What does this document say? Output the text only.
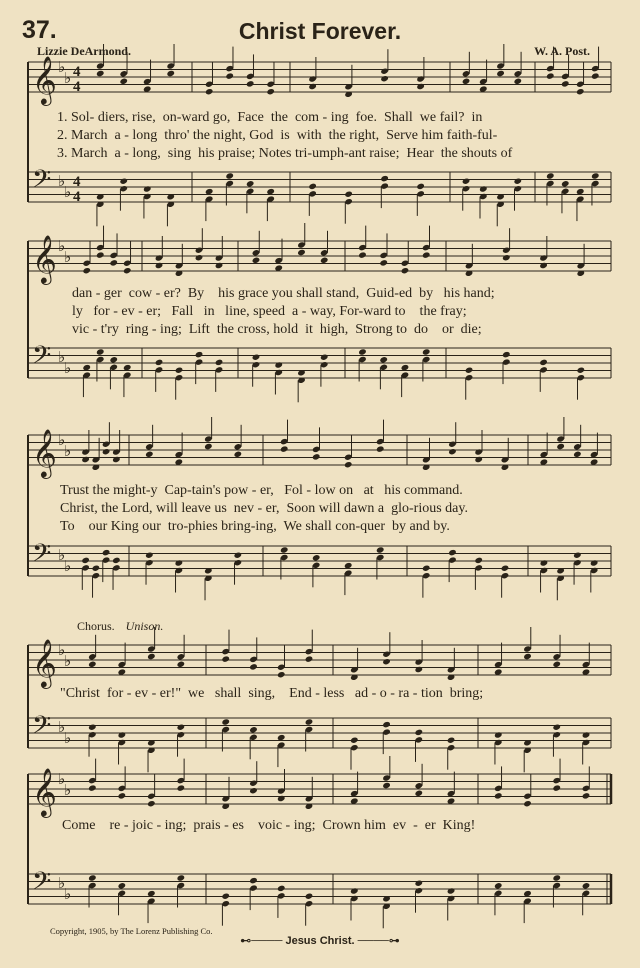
37.	Christ Forever.
Lizzie DeArmond.	W. A. Post.
𝄞 ♭
♭ 4
4
𝄢 ♭
♭
4
4
𝄞 ♭
♭
𝄢 ♭
♭
𝄞 ♭
♭
𝄢 ♭
♭
𝄞 ♭
♭
𝄢 ♭
♭
𝄞 ♭
♭
𝄢 ♭
♭
1. Sol- diers, rise,  on-ward go,  Face  the  com - ing  foe.  Shall  we fail?  in
2. March  a - long  thro' the night, God  is  with  the right,  Serve him faith-ful-
3. March  a - long,  sing  his praise; Notes tri-umph-ant raise;  Hear  the shouts of
dan - ger  cow - er?  By    his grace you shall stand,  Guid-ed  by   his hand;
ly   for - ev - er;   Fall   in   line, speed  a - way, For-ward to    the fray;
vic - t'ry  ring - ing;  Lift  the cross, hold  it  high,  Strong to  do    or  die;
Trust the might-y  Cap-tain's pow - er,   Fol - low on   at   his command.
Christ, the Lord, will leave us  nev - er,  Soon will dawn a  glo-rious day.
To    our King our  tro-phies bring-ing,  We shall con-quer  by and by.
Chorus. Unison.
"Christ  for - ev - er!"  we   shall  sing,    End - less   ad - o - ra - tion  bring;
Come    re - joic - ing;  prais - es    voic - ing;  Crown him  ev  -  er  King!
Copyright, 1905, by The Lorenz Publishing Co.
⊷──── Jesus Christ. ────⊶
